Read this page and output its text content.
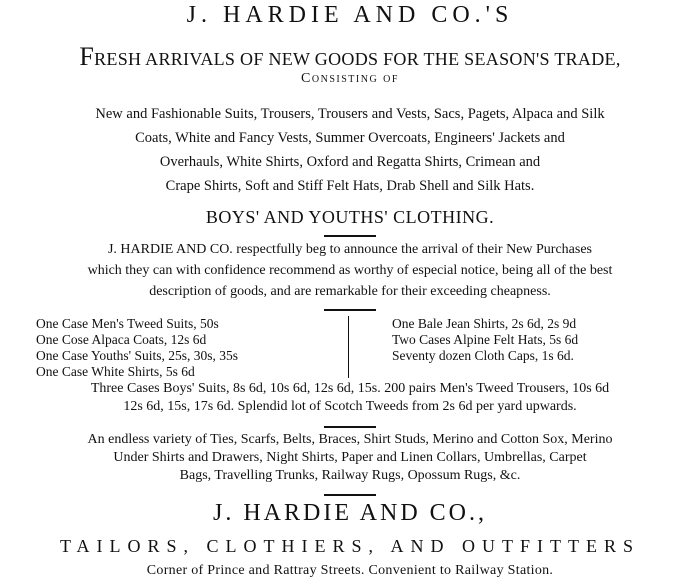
J. HARDIE AND CO.'S
FRESH ARRIVALS OF NEW GOODS FOR THE SEASON'S TRADE,
Consisting of
New and Fashionable Suits, Trousers, Trousers and Vests, Sacs, Pagets, Alpaca and Silk
Coats, White and Fancy Vests, Summer Overcoats, Engineers' Jackets and
Overhauls, White Shirts, Oxford and Regatta Shirts, Crimean and
Crape Shirts, Soft and Stiff Felt Hats, Drab Shell and Silk Hats.
BOYS' AND YOUTHS' CLOTHING.
J. HARDIE AND CO. respectfully beg to announce the arrival of their New Purchases
which they can with confidence recommend as worthy of especial notice, being all of the best
description of goods, and are remarkable for their exceeding cheapness.
One Case Men's Tweed Suits, 50s
One Cose Alpaca Coats, 12s 6d
One Case Youths' Suits, 25s, 30s, 35s
One Case White Shirts, 5s 6d
One Bale Jean Shirts, 2s 6d, 2s 9d
Two Cases Alpine Felt Hats, 5s 6d
Seventy dozen Cloth Caps, 1s 6d.
Three Cases Boys' Suits, 8s 6d, 10s 6d, 12s 6d, 15s. 200 pairs Men's Tweed Trousers, 10s 6d
12s 6d, 15s, 17s 6d. Splendid lot of Scotch Tweeds from 2s 6d per yard upwards.
An endless variety of Ties, Scarfs, Belts, Braces, Shirt Studs, Merino and Cotton Sox, Merino
Under Shirts and Drawers, Night Shirts, Paper and Linen Collars, Umbrellas, Carpet
Bags, Travelling Trunks, Railway Rugs, Opossum Rugs, &c.
J. HARDIE AND CO.,
TAILORS, CLOTHIERS, AND OUTFITTERS
Corner of Prince and Rattray Streets. Convenient to Railway Station.
